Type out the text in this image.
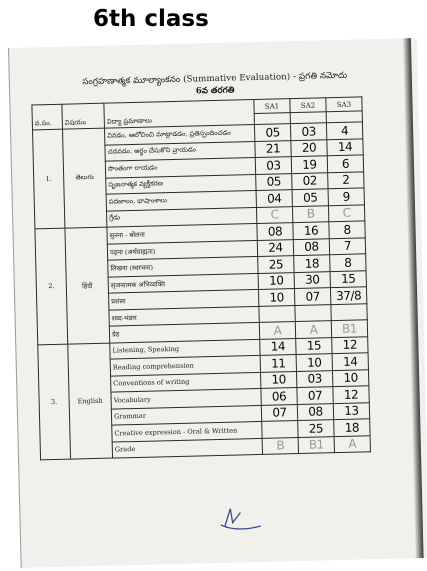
6th class
సంగ్రహణాత్మక మూల్యాంకనం (Summative Evaluation) - ప్రగతి నమోదు
6వ తరగతి
వ.సం.	విషయం	విద్యా ప్రమాణాలు	SA1	SA2	SA3

1.	తెలుగు	వినడం, ఆలోచించి మాట్లాడడం, ప్రతిస్పందించడం	05	03	4
		చదవడం, అర్థం చేసుకొని వ్రాయడం	21	20	14
		సొంతంగా రాయడం	03	19	6
		సృజనాత్మక వ్యక్తీకరణ	05	02	2
		పదజాలం, భాషాంశాలు	04	05	9
		గ్రేడు	C	B	C
2.	हिंदी	सुनना - बोलना	08	16	8
		पढ़ना (अर्थग्राह्यता)	24	08	7
		लिखना (स्वरचना)	25	18	8
		सृजनात्मक अभिव्यक्ति	10	30	15
		प्रशंसा	10	07	37/8
		शब्द-भंडार			
		ग्रेड	A	A	B1
3.	English	Listening, Speaking	14	15	12
		Reading comprehension	11	10	14
		Conventions of writing	10	03	10
		Vocabulary	06	07	12
		Grammar	07	08	13
		Creative expression - Oral & Written		25	18
		Grade	B	B1	A
